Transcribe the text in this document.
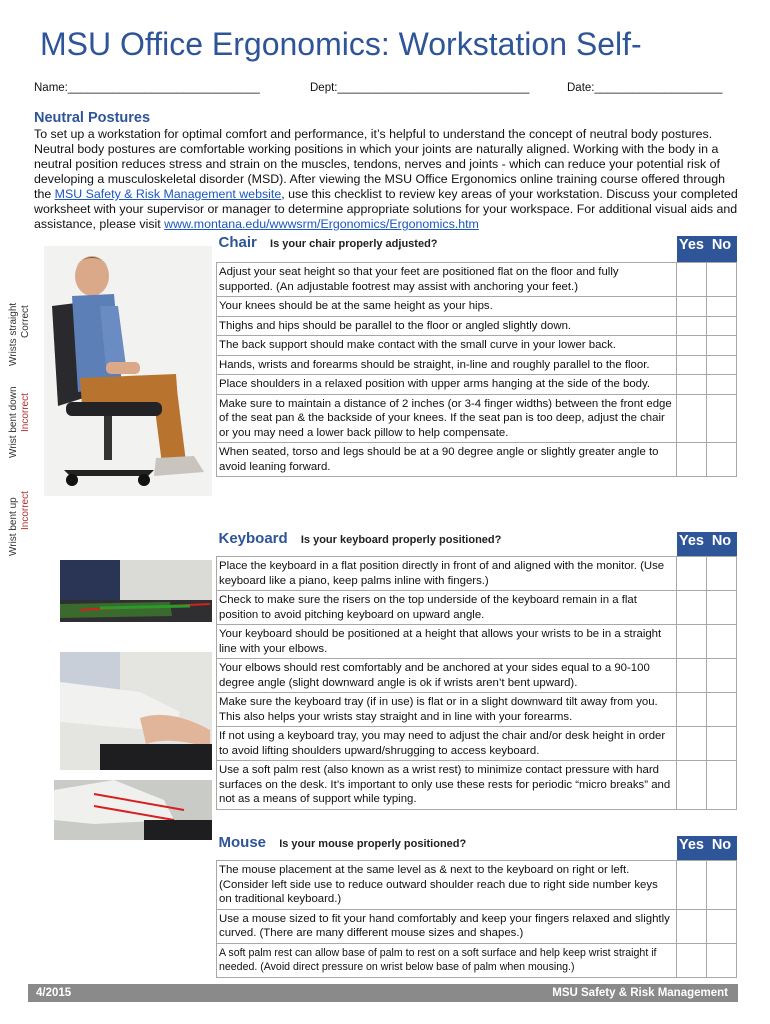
MSU Office Ergonomics: Workstation Self-
Name:______________________________	Dept:______________________________	Date:____________________
Neutral Postures
To set up a workstation for optimal comfort and performance, it’s helpful to understand the concept of neutral body postures. Neutral body postures are comfortable working positions in which your joints are naturally aligned. Working with the body in a neutral position reduces stress and strain on the muscles, tendons, nerves and joints - which can reduce your potential risk of developing a musculoskeletal disorder (MSD). After viewing the MSU Office Ergonomics online training course offered through the MSU Safety & Risk Management website, use this checklist to review key areas of your workstation. Discuss your completed worksheet with your supervisor or manager to determine appropriate solutions for your workspace. For additional visual aids and assistance, please visit www.montana.edu/wwwsrm/Ergonomics/Ergonomics.htm
Wrists straight Correct
Wrist bent down Incorrect
Wrist bent up Incorrect
Chair Is your chair properly adjusted?	Yes No	

Adjust your seat height so that your feet are positioned flat on the floor and fully supported. (An adjustable footrest may assist with anchoring your feet.)		
Your knees should be at the same height as your hips.		
Thighs and hips should be parallel to the floor or angled slightly down.		
The back support should make contact with the small curve in your lower back.		
Hands, wrists and forearms should be straight, in-line and roughly parallel to the floor.		
Place shoulders in a relaxed position with upper arms hanging at the side of the body.		
Make sure to maintain a distance of 2 inches (or 3-4 finger widths) between the front edge of the seat pan & the backside of your knees. If the seat pan is too deep, adjust the chair or you may need a lower back pillow to help compensate.		
When seated, torso and legs should be at a 90 degree angle or slightly greater angle to avoid leaning forward.		
Keyboard Is your keyboard properly positioned?	Yes No	

Place the keyboard in a flat position directly in front of and aligned with the monitor. (Use keyboard like a piano, keep palms inline with fingers.)		
Check to make sure the risers on the top underside of the keyboard remain in a flat position to avoid pitching keyboard on upward angle.		
Your keyboard should be positioned at a height that allows your wrists to be in a straight line with your elbows.		
Your elbows should rest comfortably and be anchored at your sides equal to a 90-100 degree angle (slight downward angle is ok if wrists aren’t bent upward).		
Make sure the keyboard tray (if in use) is flat or in a slight downward tilt away from you. This also helps your wrists stay straight and in line with your forearms.		
If not using a keyboard tray, you may need to adjust the chair and/or desk height in order to avoid lifting shoulders upward/shrugging to access keyboard.		
Use a soft palm rest (also known as a wrist rest) to minimize contact pressure with hard surfaces on the desk. It’s important to only use these rests for periodic “micro breaks” and not as a means of support while typing.		
Mouse Is your mouse properly positioned?	Yes No	

The mouse placement at the same level as & next to the keyboard on right or left. (Consider left side use to reduce outward shoulder reach due to right side number keys on traditional keyboard.)		
Use a mouse sized to fit your hand comfortably and keep your fingers relaxed and slightly curved. (There are many different mouse sizes and shapes.)		
A soft palm rest can allow base of palm to rest on a soft surface and help keep wrist straight if needed. (Avoid direct pressure on wrist below base of palm when mousing.)		
4/2015	MSU Safety & Risk Management
